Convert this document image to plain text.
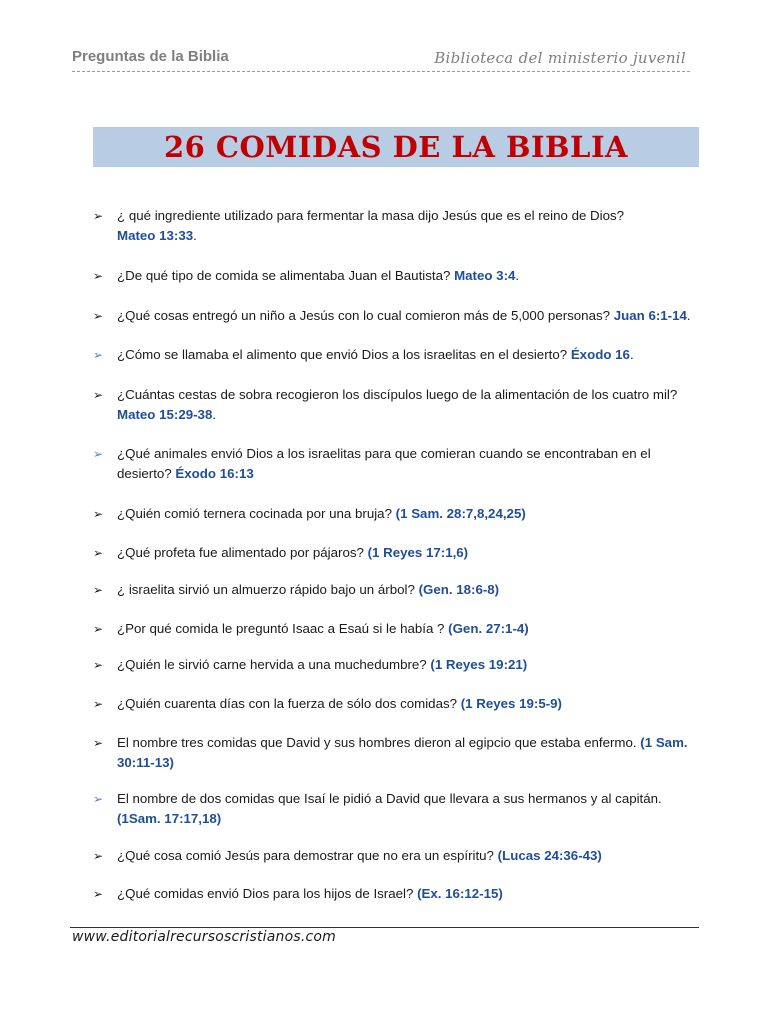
Preguntas de la Biblia	Biblioteca del ministerio juvenil
26 COMIDAS DE LA BIBLIA
➢ ¿ qué ingrediente utilizado para fermentar la masa dijo Jesús que es el reino de Dios?
Mateo 13:33.
➢ ¿De qué tipo de comida se alimentaba Juan el Bautista? Mateo 3:4.
➢ ¿Qué cosas entregó un niño a Jesús con lo cual comieron más de 5,000 personas? Juan 6:1-14.
➢ ¿Cómo se llamaba el alimento que envió Dios a los israelitas en el desierto? Éxodo 16.
➢ ¿Cuántas cestas de sobra recogieron los discípulos luego de la alimentación de los cuatro mil?
Mateo 15:29-38.
➢ ¿Qué animales envió Dios a los israelitas para que comieran cuando se encontraban en el desierto? Éxodo 16:13
➢ ¿Quién comió ternera cocinada por una bruja? (1 Sam. 28:7,8,24,25)
➢ ¿Qué profeta fue alimentado por pájaros? (1 Reyes 17:1,6)
➢ ¿ israelita sirvió un almuerzo rápido bajo un árbol? (Gen. 18:6-8)
➢ ¿Por qué comida le preguntó Isaac a Esaú si le había ? (Gen. 27:1-4)
➢ ¿Quién le sirvió carne hervida a una muchedumbre? (1 Reyes 19:21)
➢ ¿Quién cuarenta días con la fuerza de sólo dos comidas? (1 Reyes 19:5-9)
➢ El nombre tres comidas que David y sus hombres dieron al egipcio que estaba enfermo. (1 Sam. 30:11-13)
➢ El nombre de dos comidas que Isaí le pidió a David que llevara a sus hermanos y al capitán. (1Sam. 17:17,18)
➢ ¿Qué cosa comió Jesús para demostrar que no era un espíritu? (Lucas 24:36-43)
➢ ¿Qué comidas envió Dios para los hijos de Israel? (Ex. 16:12-15)
www.editorialrecursoscristianos.com
